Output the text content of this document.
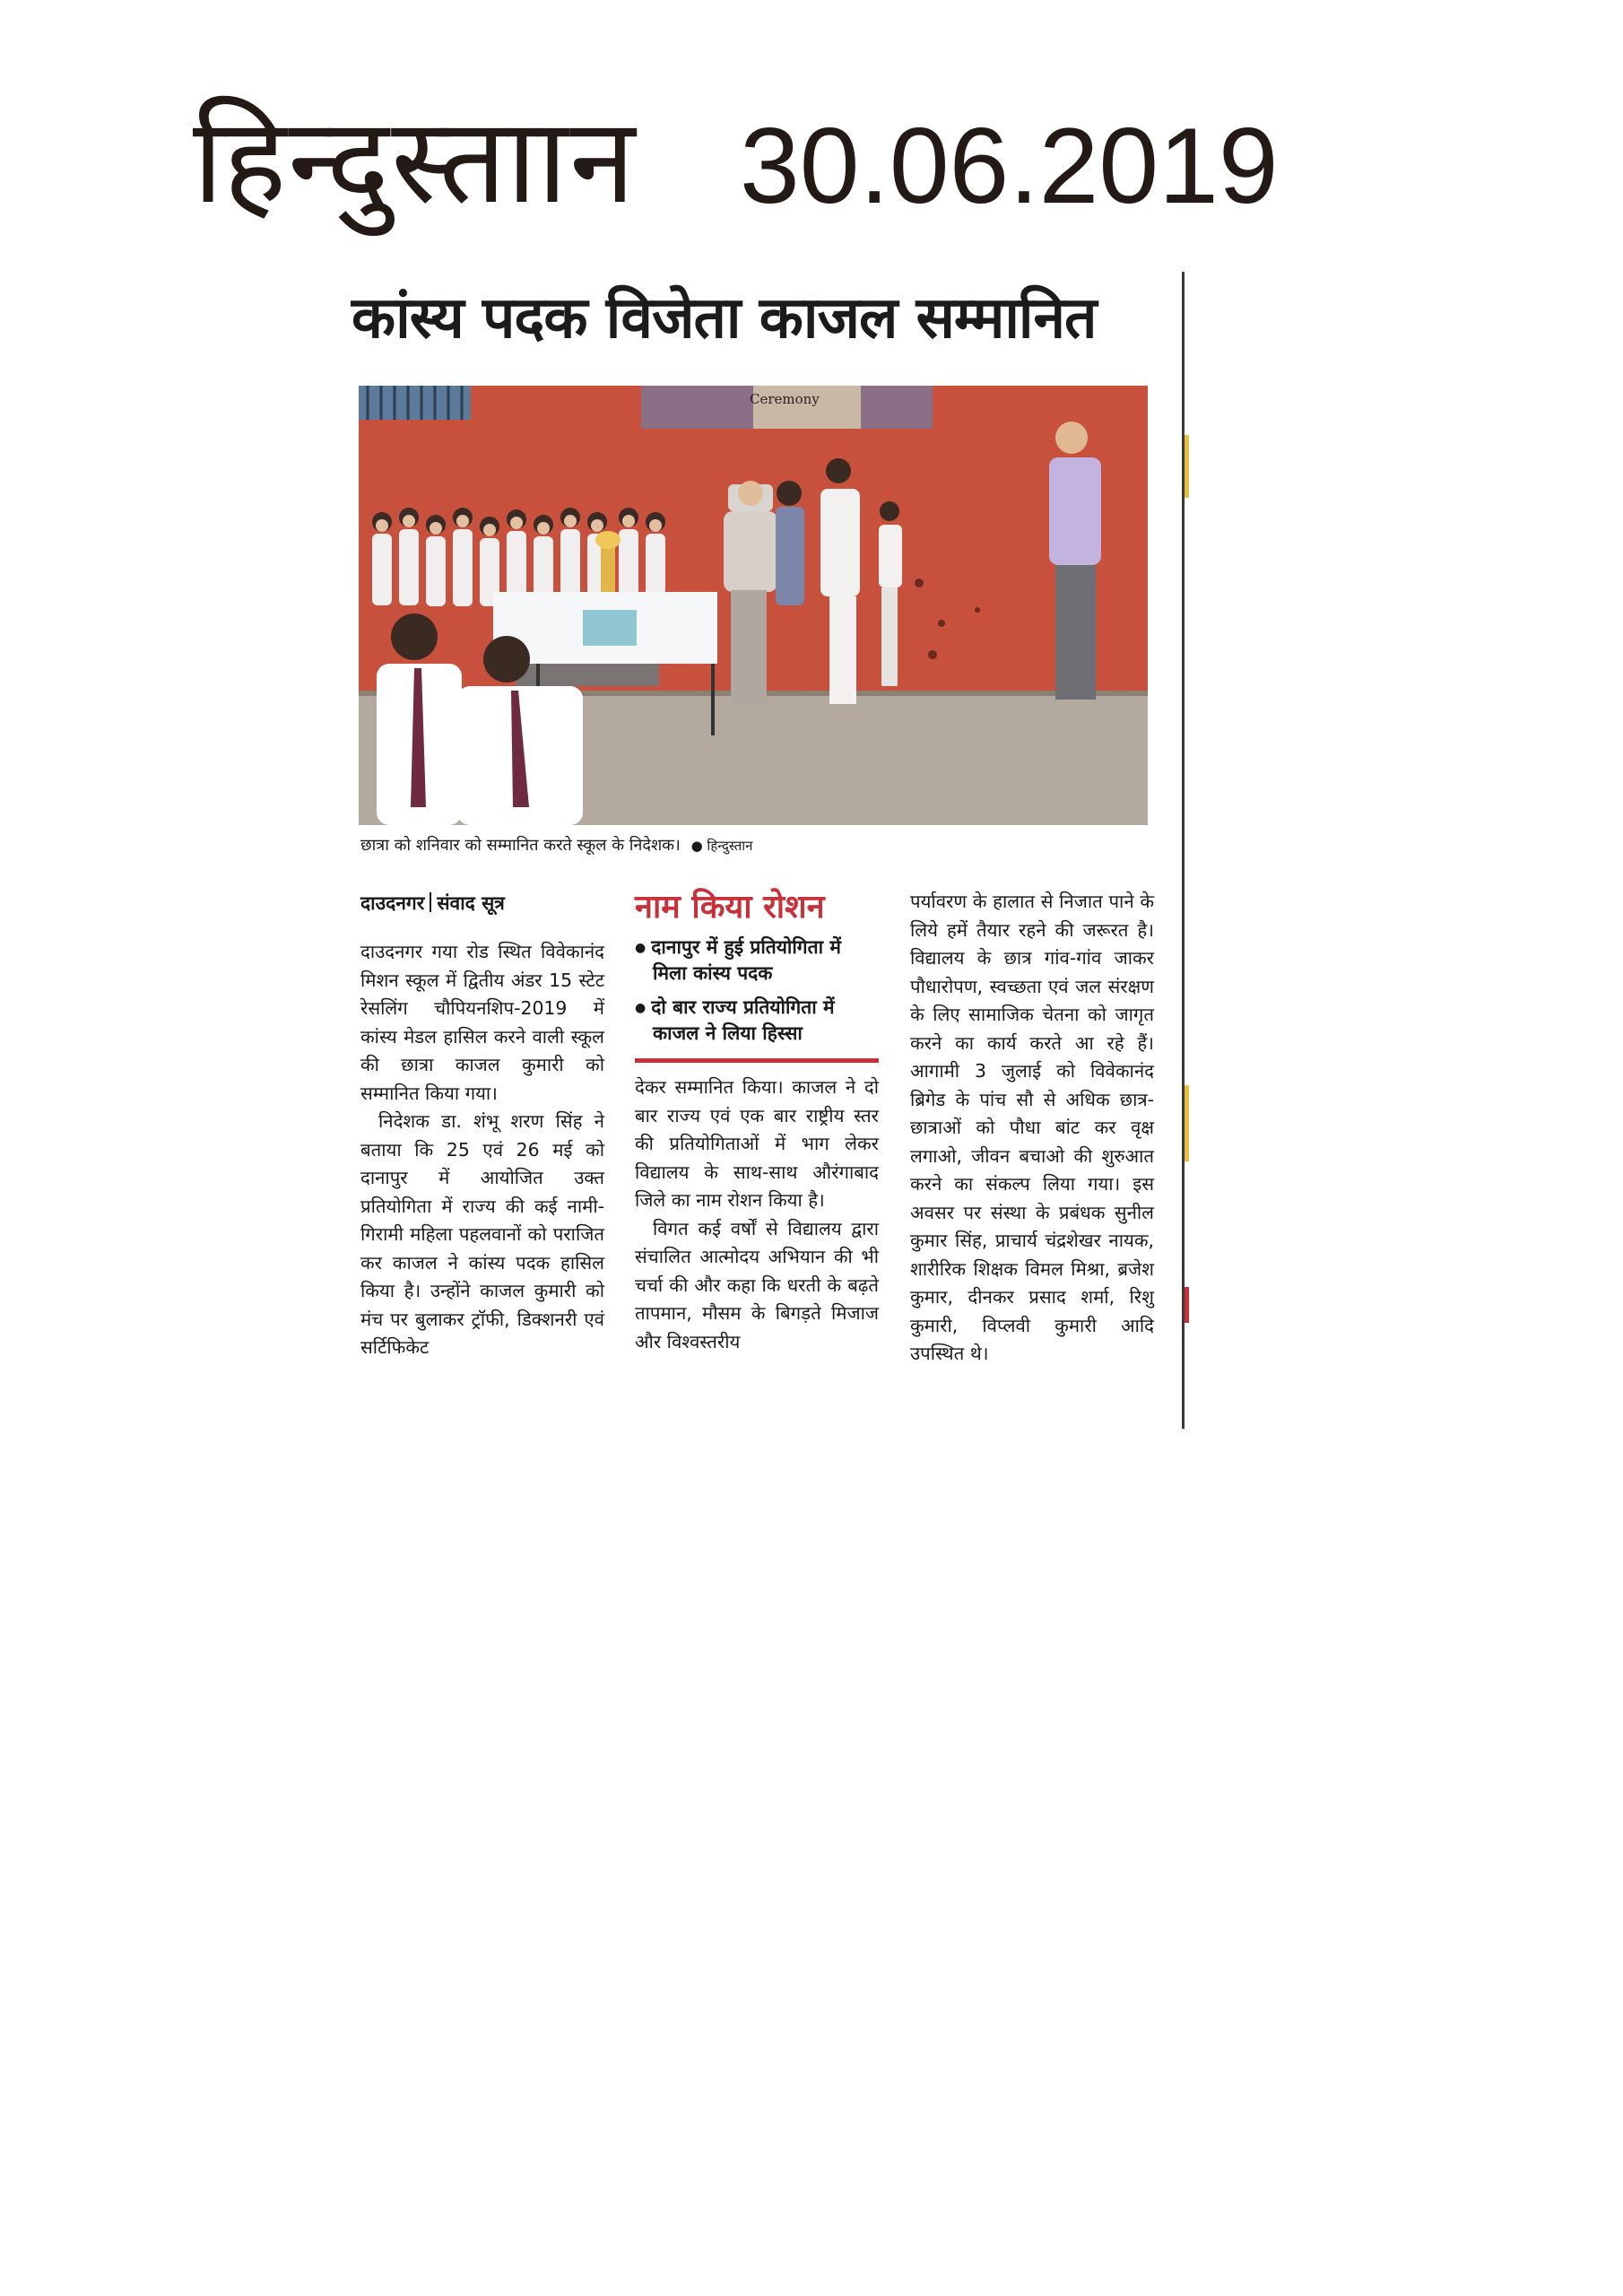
हिन्दुस्ताान 30.06.2019
कांस्य पदक विजेता काजल सम्मानित
Ceremony
छात्रा को शनिवार को सम्मानित करते स्कूल के निदेशक। ● हिन्दुस्तान
दाउदनगर संवाद सूत्र

दाउदनगर गया रोड स्थित विवेकानंद मिशन स्कूल में द्वितीय अंडर 15 स्टेट रेसलिंग चौपियनशिप-2019 में कांस्य मेडल हासिल करने वाली स्कूल की छात्रा काजल कुमारी को सम्मानित किया गया।

निदेशक डा. शंभू शरण सिंह ने बताया कि 25 एवं 26 मई को दानापुर में आयोजित उक्त प्रतियोगिता में राज्य की कई नामी-गिरामी महिला पहलवानों को पराजित कर काजल ने कांस्य पदक हासिल किया है। उन्होंने काजल कुमारी को मंच पर बुलाकर ट्रॉफी, डिक्शनरी एवं सर्टिफिकेट

नाम किया रोशन
● दानापुर में हुई प्रतियोगिता में मिला कांस्य पदक
● दो बार राज्य प्रतियोगिता में काजल ने लिया हिस्सा

देकर सम्मानित किया। काजल ने दो बार राज्य एवं एक बार राष्ट्रीय स्तर की प्रतियोगिताओं में भाग लेकर विद्यालय के साथ-साथ औरंगाबाद जिले का नाम रोशन किया है।

विगत कई वर्षों से विद्यालय द्वारा संचालित आत्मोदय अभियान की भी चर्चा की और कहा कि धरती के बढ़ते तापमान, मौसम के बिगड़ते मिजाज और विश्वस्तरीय

पर्यावरण के हालात से निजात पाने के लिये हमें तैयार रहने की जरूरत है। विद्यालय के छात्र गांव-गांव जाकर पौधारोपण, स्वच्छता एवं जल संरक्षण के लिए सामाजिक चेतना को जागृत करने का कार्य करते आ रहे हैं। आगामी 3 जुलाई को विवेकानंद ब्रिगेड के पांच सौ से अधिक छात्र-छात्राओं को पौधा बांट कर वृक्ष लगाओ, जीवन बचाओ की शुरुआत करने का संकल्प लिया गया। इस अवसर पर संस्था के प्रबंधक सुनील कुमार सिंह, प्राचार्य चंद्रशेखर नायक, शारीरिक शिक्षक विमल मिश्रा, ब्रजेश कुमार, दीनकर प्रसाद शर्मा, रिशु कुमारी, विप्लवी कुमारी आदि उपस्थित थे।
